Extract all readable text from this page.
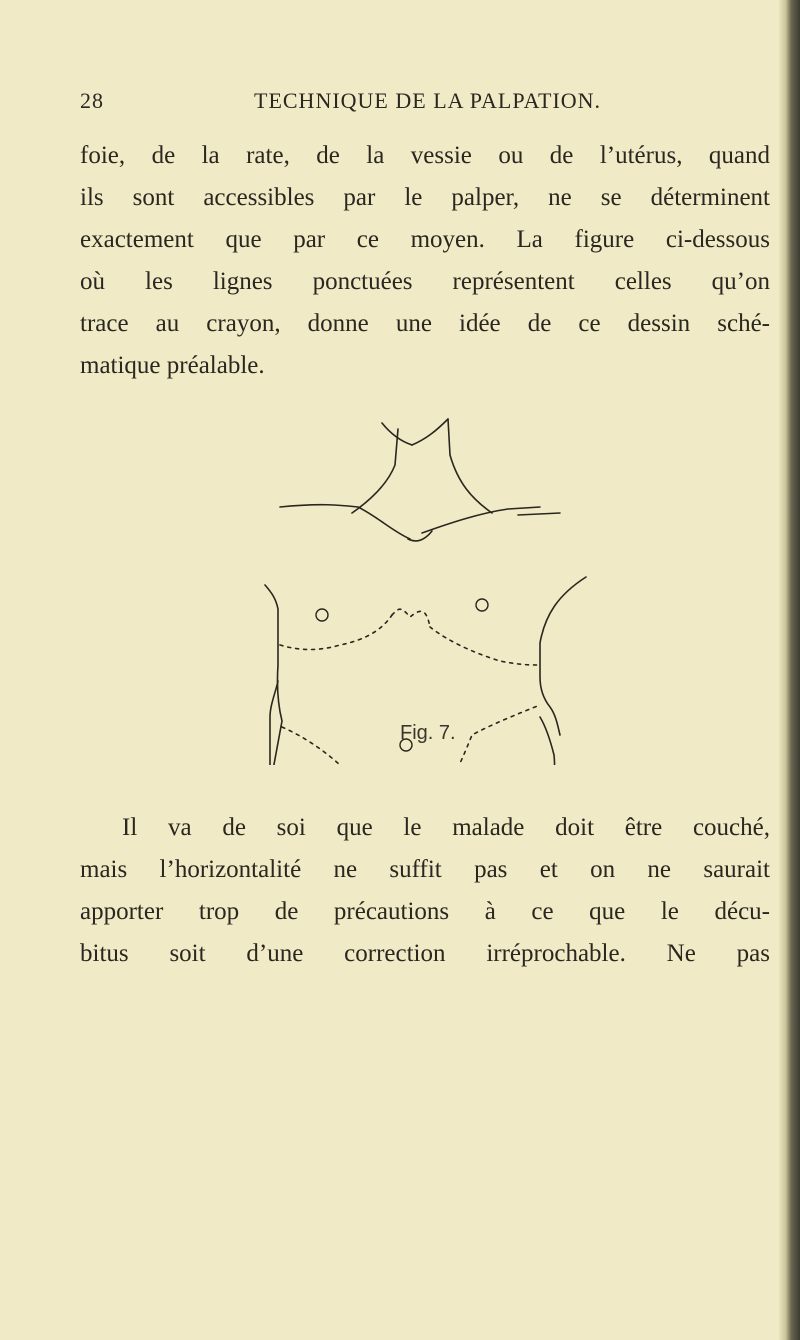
28	TECHNIQUE DE LA PALPATION.
foie, de la rate, de la vessie ou de l’utérus, quand
ils sont accessibles par le palper, ne se déterminent
exactement que par ce moyen. La figure ci-dessous
où les lignes ponctuées représentent celles qu’on
trace au crayon, donne une idée de ce dessin sché-
matique préalable.
Fig. 7.
Il va de soi que le malade doit être couché,
mais l’horizontalité ne suffit pas et on ne saurait
apporter trop de précautions à ce que le décu-
bitus soit d’une correction irréprochable. Ne pas
